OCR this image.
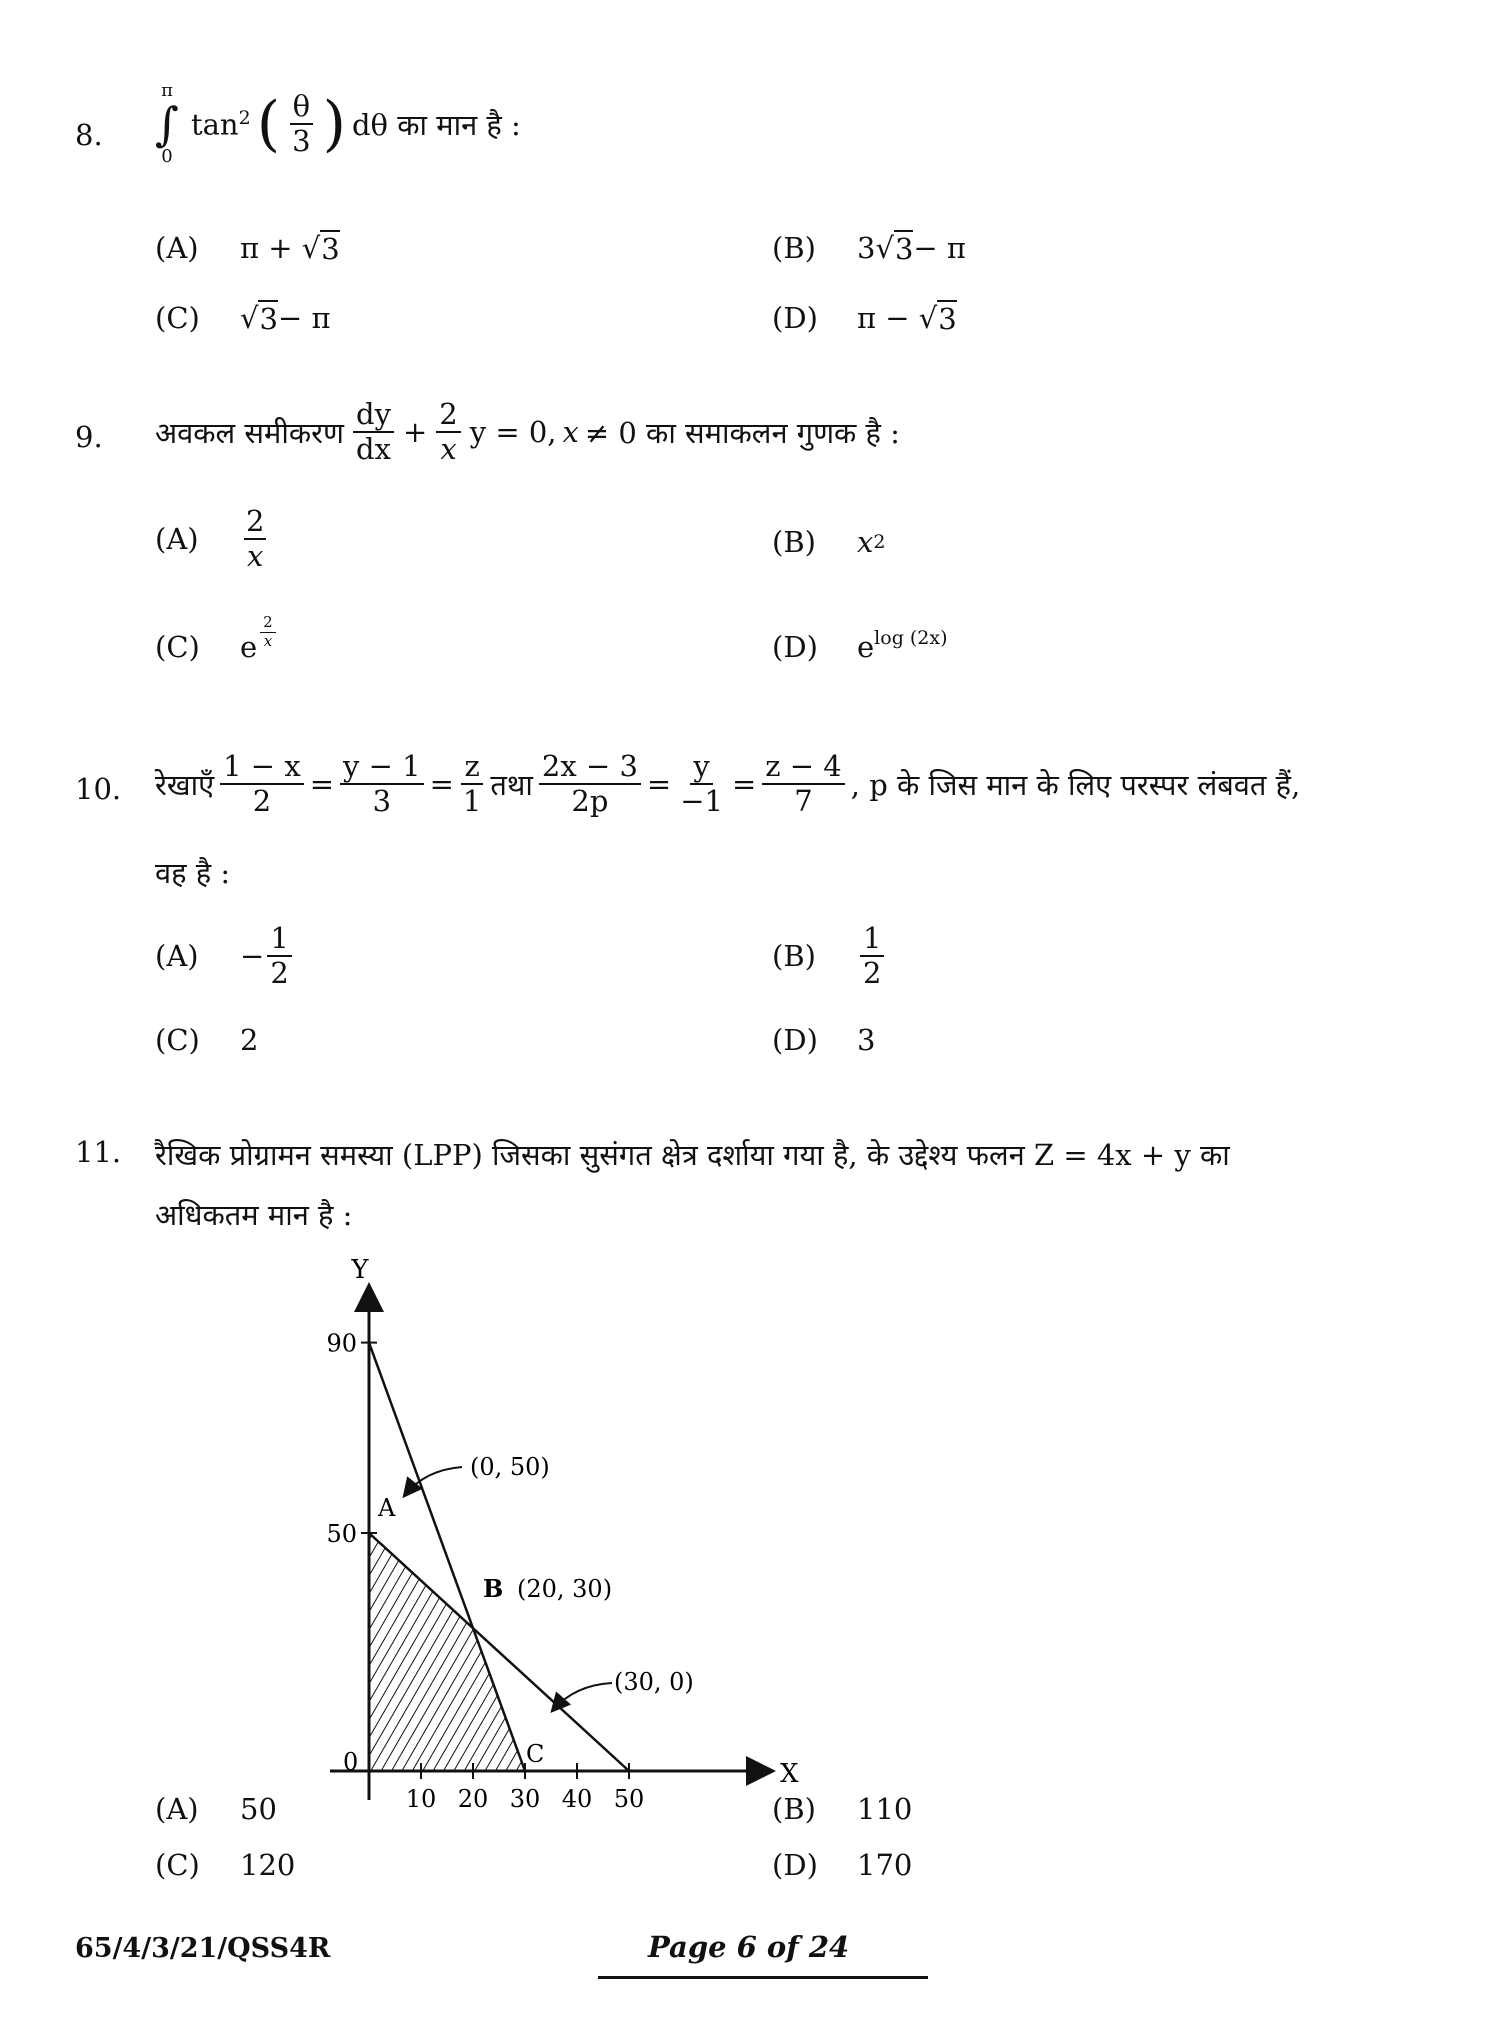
8.
π
∫
0
$\tan^2$ ( $\frac{\theta}{3}$ ) dθ का मान है :
(A)	π + √ 3	(B)	3√ 3 − π
(C)	√ 3 − π	(D)	π − √ 3
9. अवकल समीकरण $\frac{dy}{dx} + \frac{2}{x}$ y = 0, x ≠ 0 का समाकलन गुणक है :
(A)	$\frac{2}{x}$	(B)	x 2
(C)	e $\frac{2}{x}$	(D)	$e^{log (2x)}$
10. रेखाएँ $\frac{1 - x}{2} = \frac{y - 1}{3} = \frac{z}{1}$ तथा $\frac{2x - 3}{2p} = \frac{y}{-1} = \frac{z - 4}{7}$ , p के जिस मान के लिए परस्पर लंबवत हैं,
वह है :
(A)	− $\frac{1}{2}$	(B)	$\frac{1}{2}$
(C)	2	(D)	3
11. रैखिक प्रोग्रामन समस्या (LPP) जिसका सुसंगत क्षेत्र दर्शाया गया है, के उद्देश्य फलन Z = 4x + y का
अधिकतम मान है :
10 20 30 40 50
50
90
Y
X
0
A
B (20, 30)
C
(0, 50)
(30, 0)
(A)	50	(B)	110
(C)	120	(D)	170
65/4/3/21/QSS4R	Page 6 of 24
